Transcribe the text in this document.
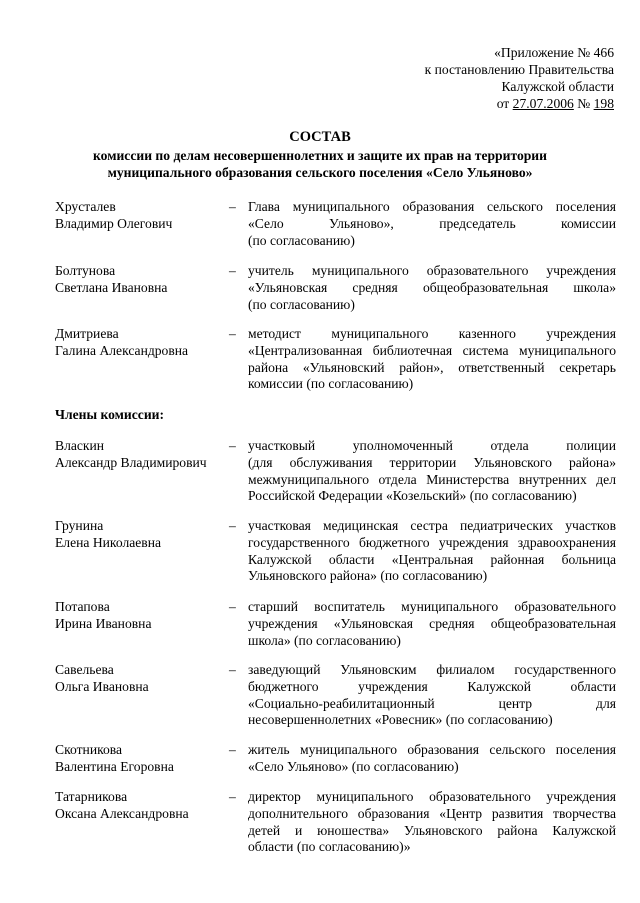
«Приложение № 466
к постановлению Правительства
Калужской области
от 27.07.2006 № 198
СОСТАВ
комиссии по делам несовершеннолетних и защите их прав на территории
муниципального образования сельского поселения «Село Ульяново»
Хрусталев
Владимир Олегович
– Глава муниципального образования сельского поселения
«Село Ульяново», председатель комиссии
(по согласованию)
Болтунова
Светлана Ивановна
– учитель муниципального образовательного учреждения
«Ульяновская средняя общеобразовательная школа»
(по согласованию)
Дмитриева
Галина Александровна
– методист муниципального казенного учреждения
«Централизованная библиотечная система муниципального
района «Ульяновский район», ответственный секретарь
комиссии (по согласованию)
Члены комиссии:
Власкин
Александр Владимирович
– участковый уполномоченный отдела полиции
(для обслуживания территории Ульяновского района»
межмуниципального отдела Министерства внутренних дел
Российской Федерации «Козельский» (по согласованию)
Грунина
Елена Николаевна
– участковая медицинская сестра педиатрических участков
государственного бюджетного учреждения здравоохранения
Калужской области «Центральная районная больница
Ульяновского района» (по согласованию)
Потапова
Ирина Ивановна
– старший воспитатель муниципального образовательного
учреждения «Ульяновская средняя общеобразовательная
школа» (по согласованию)
Савельева
Ольга Ивановна
– заведующий Ульяновским филиалом государственного
бюджетного учреждения Калужской области
«Социально-реабилитационный центр для
несовершеннолетних «Ровесник» (по согласованию)
Скотникова
Валентина Егоровна
– житель муниципального образования сельского поселения
«Село Ульяново» (по согласованию)
Татарникова
Оксана Александровна
– директор муниципального образовательного учреждения
дополнительного образования «Центр развития творчества
детей и юношества» Ульяновского района Калужской
области (по согласованию)»
